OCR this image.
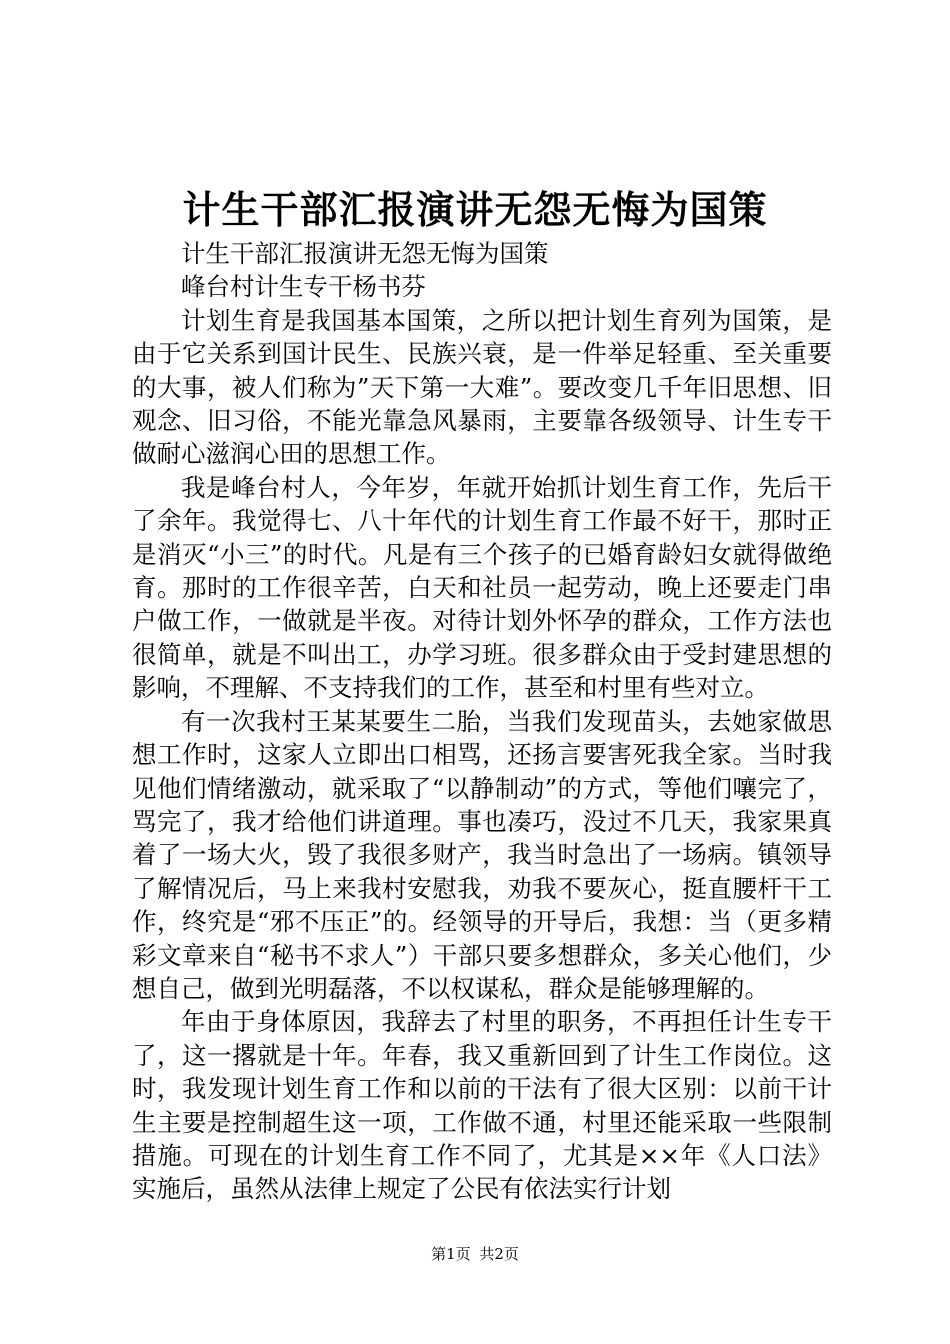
计生干部汇报演讲无怨无悔为国策

计生干部汇报演讲无怨无悔为国策

峰台村计生专干杨书芬

计划生育是我国基本国策，之所以把计划生育列为国策，是由于它关系到国计民生、民族兴衰，是一件举足轻重、至关重要的大事，被人们称为”天下第一大难”。要改变几千年旧思想、旧观念、旧习俗，不能光靠急风暴雨，主要靠各级领导、计生专干做耐心滋润心田的思想工作。

我是峰台村人，今年岁，年就开始抓计划生育工作，先后干了余年。我觉得七、八十年代的计划生育工作最不好干，那时正是消灭“小三”的时代。凡是有三个孩子的已婚育龄妇女就得做绝育。那时的工作很辛苦，白天和社员一起劳动，晚上还要走门串户做工作，一做就是半夜。对待计划外怀孕的群众，工作方法也很简单，就是不叫出工，办学习班。很多群众由于受封建思想的影响，不理解、不支持我们的工作，甚至和村里有些对立。

有一次我村王某某要生二胎，当我们发现苗头，去她家做思想工作时，这家人立即出口相骂，还扬言要害死我全家。当时我见他们情绪激动，就采取了“以静制动”的方式，等他们嚷完了，骂完了，我才给他们讲道理。事也凑巧，没过不几天，我家果真着了一场大火，毁了我很多财产，我当时急出了一场病。镇领导了解情况后，马上来我村安慰我，劝我不要灰心，挺直腰杆干工作，终究是“邪不压正”的。经领导的开导后，我想：当（更多精彩文章来自“秘书不求人”）干部只要多想群众，多关心他们，少想自己，做到光明磊落，不以权谋私，群众是能够理解的。

年由于身体原因，我辞去了村里的职务，不再担任计生专干了，这一撂就是十年。年春，我又重新回到了计生工作岗位。这时，我发现计划生育工作和以前的干法有了很大区别：以前干计生主要是控制超生这一项，工作做不通，村里还能采取一些限制措施。可现在的计划生育工作不同了，尤其是××年《人口法》实施后，虽然从法律上规定了公民有依法实行计划

第1页 共2页
